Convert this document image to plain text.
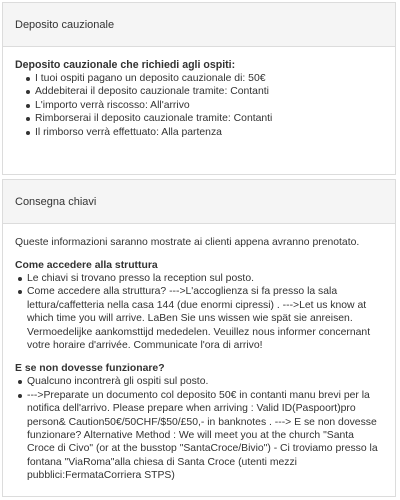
Deposito cauzionale
Deposito cauzionale che richiedi agli ospiti:
I tuoi ospiti pagano un deposito cauzionale di: 50€
Addebiterai il deposito cauzionale tramite: Contanti
L'importo verrà riscosso: All'arrivo
Rimborserai il deposito cauzionale tramite: Contanti
Il rimborso verrà effettuato: Alla partenza
Consegna chiavi
Queste informazioni saranno mostrate ai clienti appena avranno prenotato.
Come accedere alla struttura
Le chiavi si trovano presso la reception sul posto.
Come accedere alla struttura? --->L'accoglienza si fa presso la sala lettura/caffetteria nella casa 144 (due enormi cipressi) . --->Let us know at which time you will arrive. LaBen Sie uns wissen wie spät sie anreisen. Vermoedelijke aankomsttijd mededelen. Veuillez nous informer concernant votre horaire d'arrivée. Communicate l'ora di arrivo!
E se non dovesse funzionare?
Qualcuno incontrerà gli ospiti sul posto.
--->Preparate un documento col deposito 50€ in contanti manu brevi per la notifica dell'arrivo. Please prepare when arriving : Valid ID(Paspoort)pro person& Caution50€/50CHF/$50/£50,- in banknotes . ---> E se non dovesse funzionare? Alternative Method : We will meet you at the church "Santa Croce di Civo" (or at the busstop "SantaCroce/Bivio") - Ci troviamo presso la fontana "ViaRoma"alla chiesa di Santa Croce (utenti mezzi pubblici:FermataCorriera STPS)
